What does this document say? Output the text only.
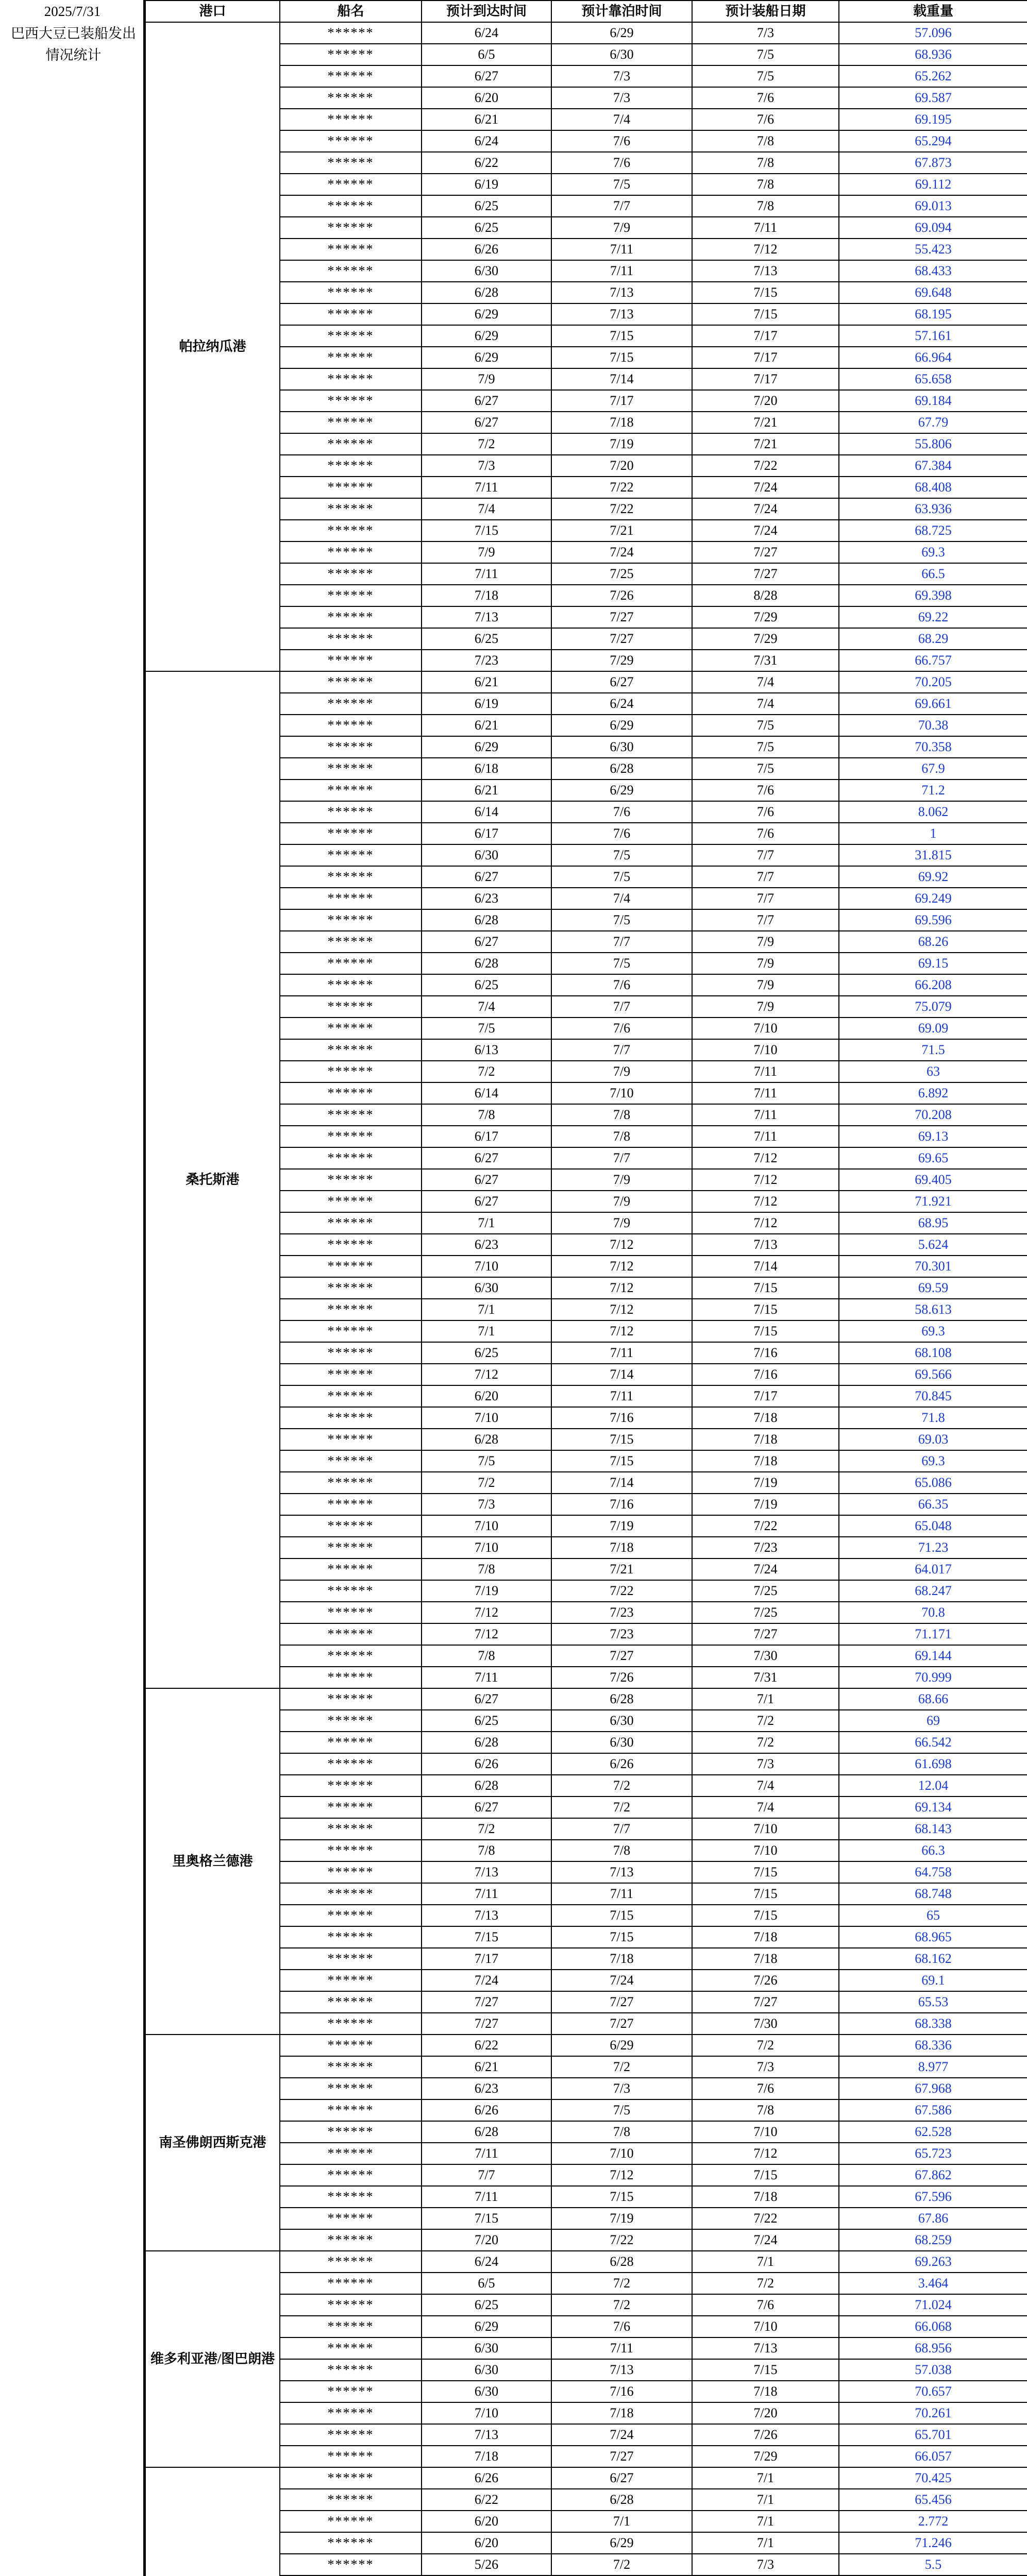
2025/7/31
巴西大豆已装船发出情况统计
港口	船名	预计到达时间	预计靠泊时间	预计装船日期	载重量
帕拉纳瓜港	******	6/24	6/29	7/3	57.096
	******	6/5	6/30	7/5	68.936
	******	6/27	7/3	7/5	65.262
	******	6/20	7/3	7/6	69.587
	******	6/21	7/4	7/6	69.195
	******	6/24	7/6	7/8	65.294
	******	6/22	7/6	7/8	67.873
	******	6/19	7/5	7/8	69.112
	******	6/25	7/7	7/8	69.013
	******	6/25	7/9	7/11	69.094
	******	6/26	7/11	7/12	55.423
	******	6/30	7/11	7/13	68.433
	******	6/28	7/13	7/15	69.648
	******	6/29	7/13	7/15	68.195
	******	6/29	7/15	7/17	57.161
	******	6/29	7/15	7/17	66.964
	******	7/9	7/14	7/17	65.658
	******	6/27	7/17	7/20	69.184
	******	6/27	7/18	7/21	67.79
	******	7/2	7/19	7/21	55.806
	******	7/3	7/20	7/22	67.384
	******	7/11	7/22	7/24	68.408
	******	7/4	7/22	7/24	63.936
	******	7/15	7/21	7/24	68.725
	******	7/9	7/24	7/27	69.3
	******	7/11	7/25	7/27	66.5
	******	7/18	7/26	8/28	69.398
	******	7/13	7/27	7/29	69.22
	******	6/25	7/27	7/29	68.29
	******	7/23	7/29	7/31	66.757
桑托斯港	******	6/21	6/27	7/4	70.205
	******	6/19	6/24	7/4	69.661
	******	6/21	6/29	7/5	70.38
	******	6/29	6/30	7/5	70.358
	******	6/18	6/28	7/5	67.9
	******	6/21	6/29	7/6	71.2
	******	6/14	7/6	7/6	8.062
	******	6/17	7/6	7/6	1
	******	6/30	7/5	7/7	31.815
	******	6/27	7/5	7/7	69.92
	******	6/23	7/4	7/7	69.249
	******	6/28	7/5	7/7	69.596
	******	6/27	7/7	7/9	68.26
	******	6/28	7/5	7/9	69.15
	******	6/25	7/6	7/9	66.208
	******	7/4	7/7	7/9	75.079
	******	7/5	7/6	7/10	69.09
	******	6/13	7/7	7/10	71.5
	******	7/2	7/9	7/11	63
	******	6/14	7/10	7/11	6.892
	******	7/8	7/8	7/11	70.208
	******	6/17	7/8	7/11	69.13
	******	6/27	7/7	7/12	69.65
	******	6/27	7/9	7/12	69.405
	******	6/27	7/9	7/12	71.921
	******	7/1	7/9	7/12	68.95
	******	6/23	7/12	7/13	5.624
	******	7/10	7/12	7/14	70.301
	******	6/30	7/12	7/15	69.59
	******	7/1	7/12	7/15	58.613
	******	7/1	7/12	7/15	69.3
	******	6/25	7/11	7/16	68.108
	******	7/12	7/14	7/16	69.566
	******	6/20	7/11	7/17	70.845
	******	7/10	7/16	7/18	71.8
	******	6/28	7/15	7/18	69.03
	******	7/5	7/15	7/18	69.3
	******	7/2	7/14	7/19	65.086
	******	7/3	7/16	7/19	66.35
	******	7/10	7/19	7/22	65.048
	******	7/10	7/18	7/23	71.23
	******	7/8	7/21	7/24	64.017
	******	7/19	7/22	7/25	68.247
	******	7/12	7/23	7/25	70.8
	******	7/12	7/23	7/27	71.171
	******	7/8	7/27	7/30	69.144
	******	7/11	7/26	7/31	70.999
里奥格兰德港	******	6/27	6/28	7/1	68.66
	******	6/25	6/30	7/2	69
	******	6/28	6/30	7/2	66.542
	******	6/26	6/26	7/3	61.698
	******	6/28	7/2	7/4	12.04
	******	6/27	7/2	7/4	69.134
	******	7/2	7/7	7/10	68.143
	******	7/8	7/8	7/10	66.3
	******	7/13	7/13	7/15	64.758
	******	7/11	7/11	7/15	68.748
	******	7/13	7/15	7/15	65
	******	7/15	7/15	7/18	68.965
	******	7/17	7/18	7/18	68.162
	******	7/24	7/24	7/26	69.1
	******	7/27	7/27	7/27	65.53
	******	7/27	7/27	7/30	68.338
南圣佛朗西斯克港	******	6/22	6/29	7/2	68.336
	******	6/21	7/2	7/3	8.977
	******	6/23	7/3	7/6	67.968
	******	6/26	7/5	7/8	67.586
	******	6/28	7/8	7/10	62.528
	******	7/11	7/10	7/12	65.723
	******	7/7	7/12	7/15	67.862
	******	7/11	7/15	7/18	67.596
	******	7/15	7/19	7/22	67.86
	******	7/20	7/22	7/24	68.259
维多利亚港/图巴朗港	******	6/24	6/28	7/1	69.263
	******	6/5	7/2	7/2	3.464
	******	6/25	7/2	7/6	71.024
	******	6/29	7/6	7/10	66.068
	******	6/30	7/11	7/13	68.956
	******	6/30	7/13	7/15	57.038
	******	6/30	7/16	7/18	70.657
	******	7/10	7/18	7/20	70.261
	******	7/13	7/24	7/26	65.701
	******	7/18	7/27	7/29	66.057
	******	6/26	6/27	7/1	70.425
	******	6/22	6/28	7/1	65.456
	******	6/20	7/1	7/1	2.772
	******	6/20	6/29	7/1	71.246
	******	5/26	7/2	7/3	5.5
